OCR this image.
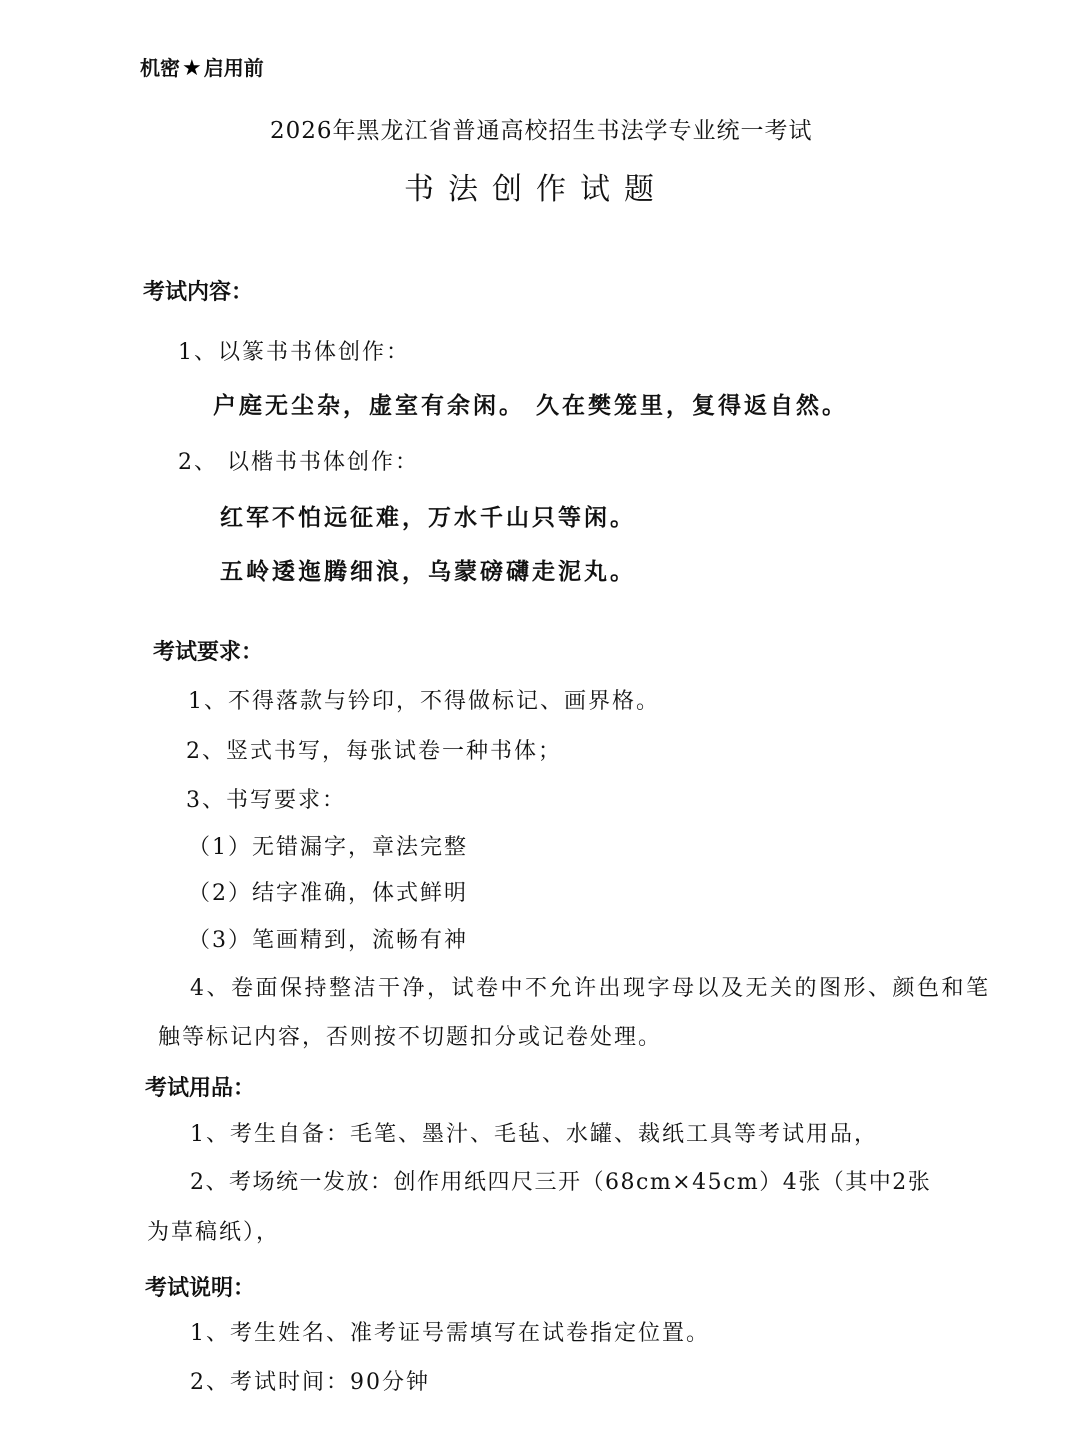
机密★ 启用前
2026年黑龙江省普通高校招生书法学专业统一考试
书法创作试题
考试内容：
1、以篆书书体创作：
户庭无尘杂，虚室有余闲。 久在樊笼里，复得返自然。
2、 以楷书书体创作：
红军不怕远征难，万水千山只等闲。
五岭逶迤腾细浪，乌蒙磅礴走泥丸。
考试要求：
1、不得落款与钤印，不得做标记、画界格。
2、竖式书写，每张试卷一种书体；
3、书写要求：
（1）无错漏字，章法完整
（2）结字准确，体式鲜明
（3）笔画精到，流畅有神
4、卷面保持整洁干净，试卷中不允许出现字母以及无关的图形、颜色和笔
触等标记内容，否则按不切题扣分或记卷处理。
考试用品：
1、考生自备：毛笔、墨汁、毛毡、水罐、裁纸工具等考试用品，
2、考场统一发放：创作用纸四尺三开（68cm×45cm）4张（其中2张
为草稿纸），
考试说明：
1、考生姓名、准考证号需填写在试卷指定位置。
2、考试时间：90分钟
